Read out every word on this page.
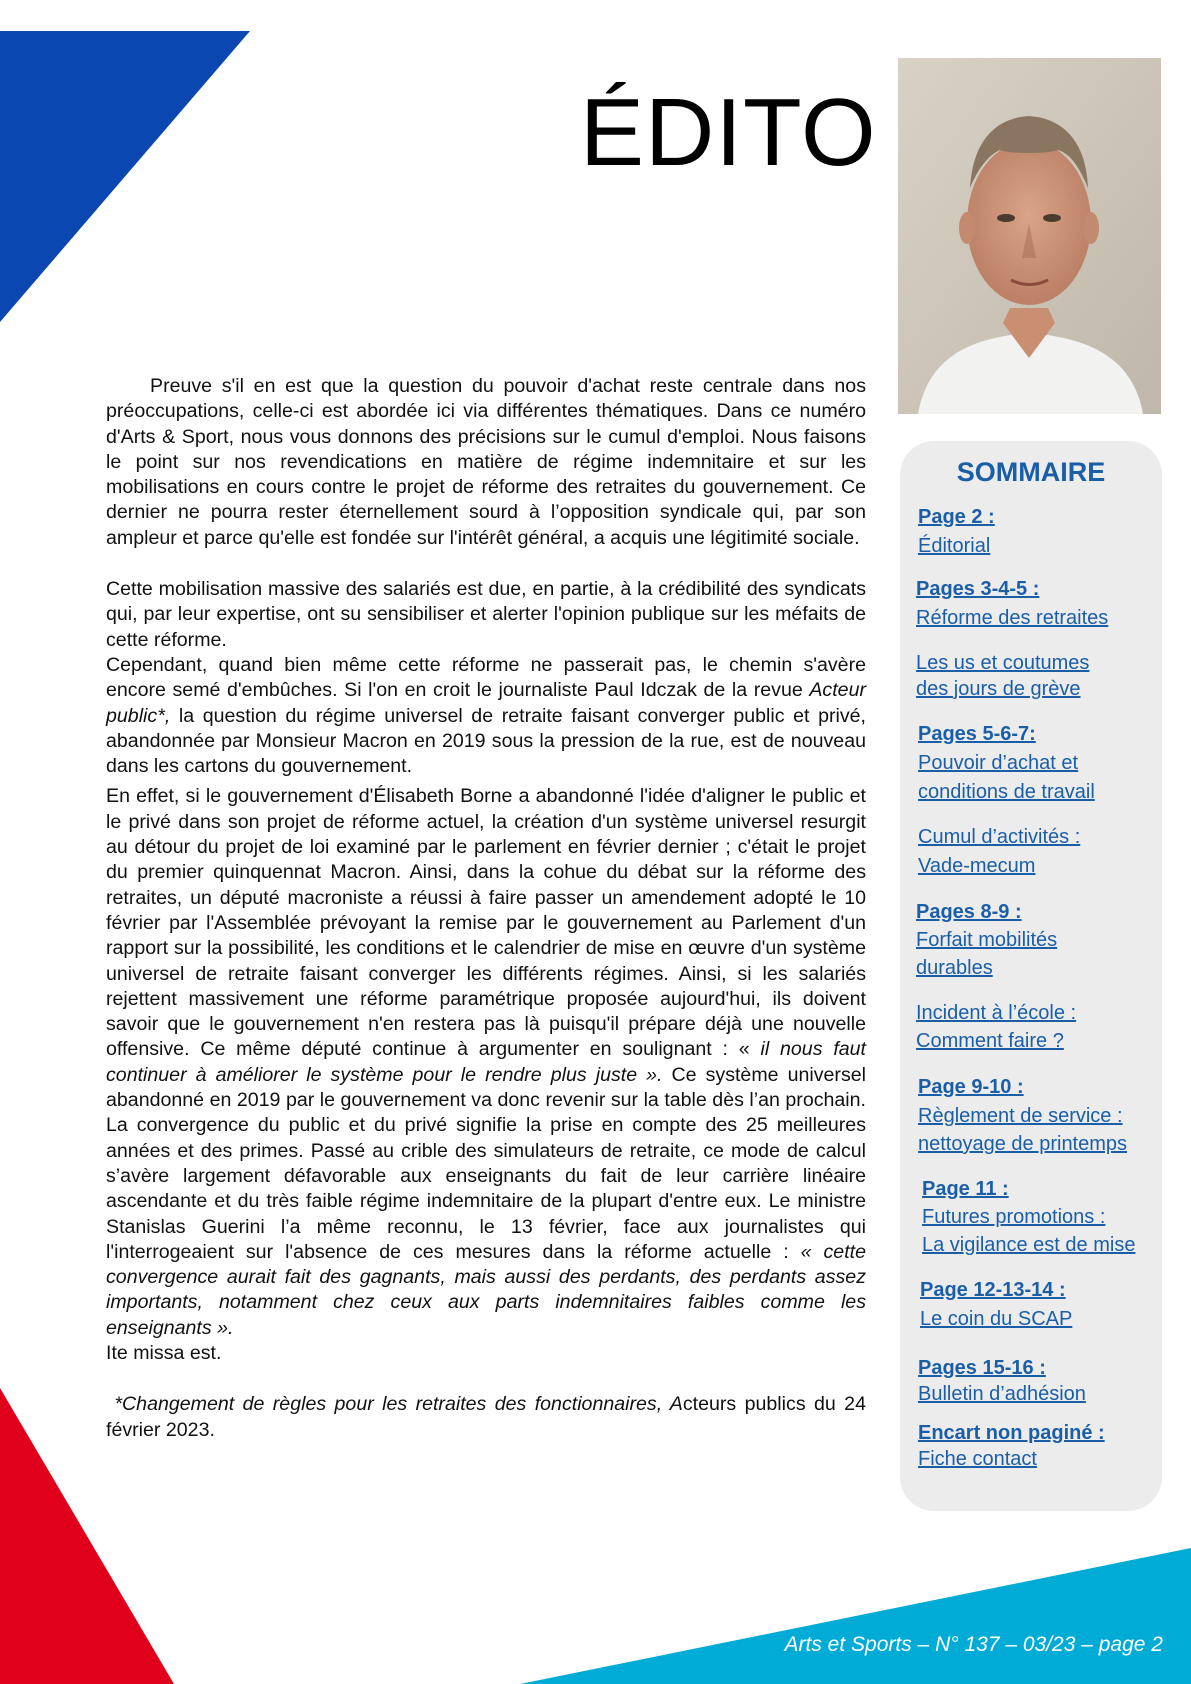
ÉDITO

Preuve s'il en est que la question du pouvoir d'achat reste centrale dans nos préoccupations, celle-ci est abordée ici via différentes thématiques. Dans ce numéro d'Arts & Sport, nous vous donnons des précisions sur le cumul d'emploi. Nous faisons le point sur nos revendications en matière de régime indemnitaire et sur les mobilisations en cours contre le projet de réforme des retraites du gouvernement. Ce dernier ne pourra rester éternellement sourd à l’opposition syndicale qui, par son ampleur et parce qu'elle est fondée sur l'intérêt général, a acquis une légitimité sociale.

Cette mobilisation massive des salariés est due, en partie, à la crédibilité des syndicats qui, par leur expertise, ont su sensibiliser et alerter l'opinion publique sur les méfaits de cette réforme.

Cependant, quand bien même cette réforme ne passerait pas, le chemin s'avère encore semé d'embûches. Si l'on en croit le journaliste Paul Idczak de la revue Acteur public*, la question du régime universel de retraite faisant converger public et privé, abandonnée par Monsieur Macron en 2019 sous la pression de la rue, est de nouveau dans les cartons du gouvernement.

En effet, si le gouvernement d'Élisabeth Borne a abandonné l'idée d'aligner le public et le privé dans son projet de réforme actuel, la création d'un système universel resurgit au détour du projet de loi examiné par le parlement en février dernier ; c'était le projet du premier quinquennat Macron. Ainsi, dans la cohue du débat sur la réforme des retraites, un député macroniste a réussi à faire passer un amendement adopté le 10 février par l'Assemblée prévoyant la remise par le gouvernement au Parlement d'un rapport sur la possibilité, les conditions et le calendrier de mise en œuvre d'un système universel de retraite faisant converger les différents régimes. Ainsi, si les salariés rejettent massivement une réforme paramétrique proposée aujourd'hui, ils doivent savoir que le gouvernement n'en restera pas là puisqu'il prépare déjà une nouvelle offensive. Ce même député continue à argumenter en soulignant : « il nous faut continuer à améliorer le système pour le rendre plus juste ». Ce système universel abandonné en 2019 par le gouvernement va donc revenir sur la table dès l’an prochain. La convergence du public et du privé signifie la prise en compte des 25 meilleures années et des primes. Passé au crible des simulateurs de retraite, ce mode de calcul s’avère largement défavorable aux enseignants du fait de leur carrière linéaire ascendante et du très faible régime indemnitaire de la plupart d'entre eux. Le ministre Stanislas Guerini l’a même reconnu, le 13 février, face aux journalistes qui l'interrogeaient sur l'absence de ces mesures dans la réforme actuelle : « cette convergence aurait fait des gagnants, mais aussi des perdants, des perdants assez importants, notamment chez ceux aux parts indemnitaires faibles comme les enseignants ».

Ite missa est.

*Changement de règles pour les retraites des fonctionnaires, Acteurs publics du 24 février 2023.

SOMMAIRE
Page 2 :
Éditorial
Pages 3-4-5 :
Réforme des retraites
Les us et coutumes
des jours de grève
Pages 5-6-7:
Pouvoir d’achat et
conditions de travail
Cumul d’activités :
Vade-mecum
Pages 8-9 :
Forfait mobilités
durables
Incident à l’école :
Comment faire ?
Page 9-10 :
Règlement de service :
nettoyage de printemps
Page 11 :
Futures promotions :
La vigilance est de mise
Page 12-13-14 :
Le coin du SCAP
Pages 15-16 :
Bulletin d’adhésion
Encart non paginé :
Fiche contact
Arts et Sports – N° 137 – 03/23 – page 2
